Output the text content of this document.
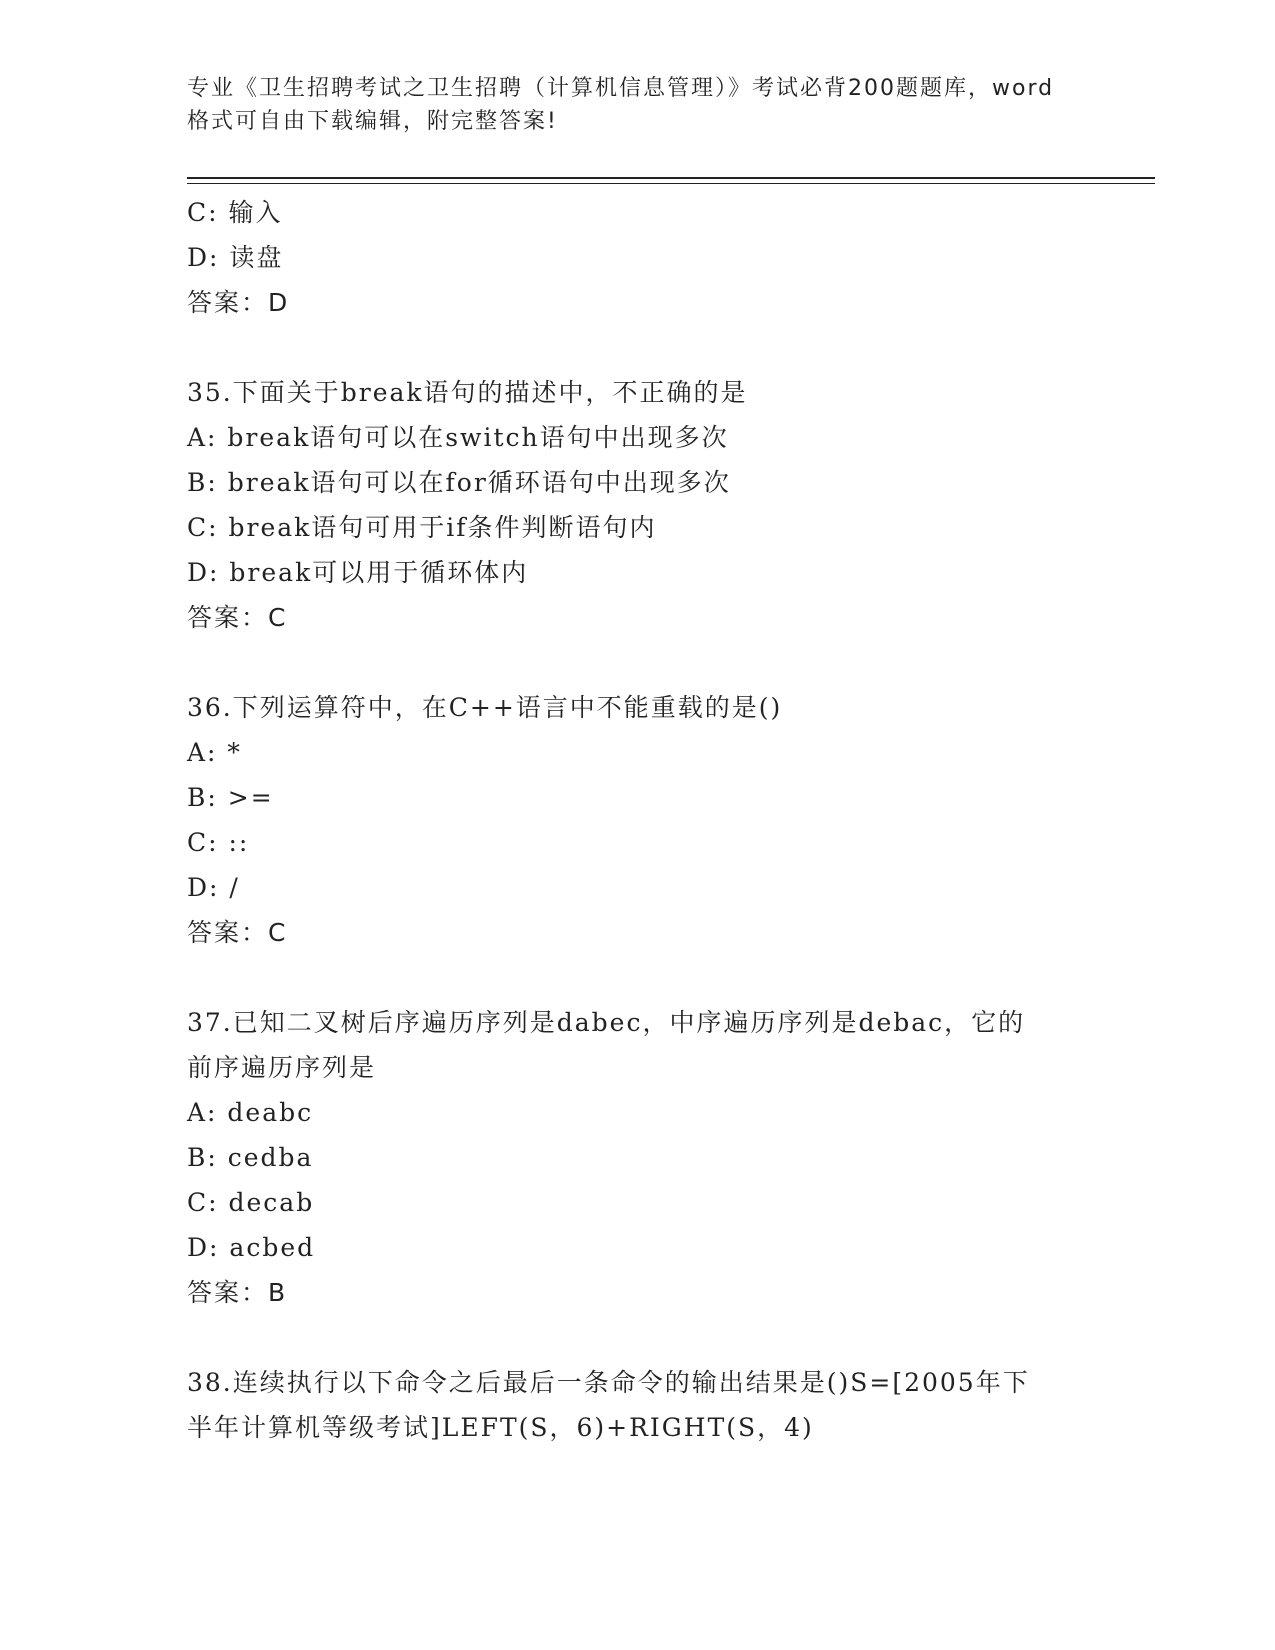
专业《卫生招聘考试之卫生招聘（计算机信息管理）》考试必背200题题库，word
格式可自由下载编辑，附完整答案!
C: 输入
D: 读盘
答案：D
35.下面关于break语句的描述中，不正确的是
A: break语句可以在switch语句中出现多次
B: break语句可以在for循环语句中出现多次
C: break语句可用于if条件判断语句内
D: break可以用于循环体内
答案：C
36.下列运算符中，在C++语言中不能重载的是()
A: *
B: >=
C: ::
D: /
答案：C
37.已知二叉树后序遍历序列是dabec，中序遍历序列是debac，它的
前序遍历序列是
A: deabc
B: cedba
C: decab
D: acbed
答案：B
38.连续执行以下命令之后最后一条命令的输出结果是()S=[2005年下
半年计算机等级考试]LEFT(S，6)+RIGHT(S，4)
